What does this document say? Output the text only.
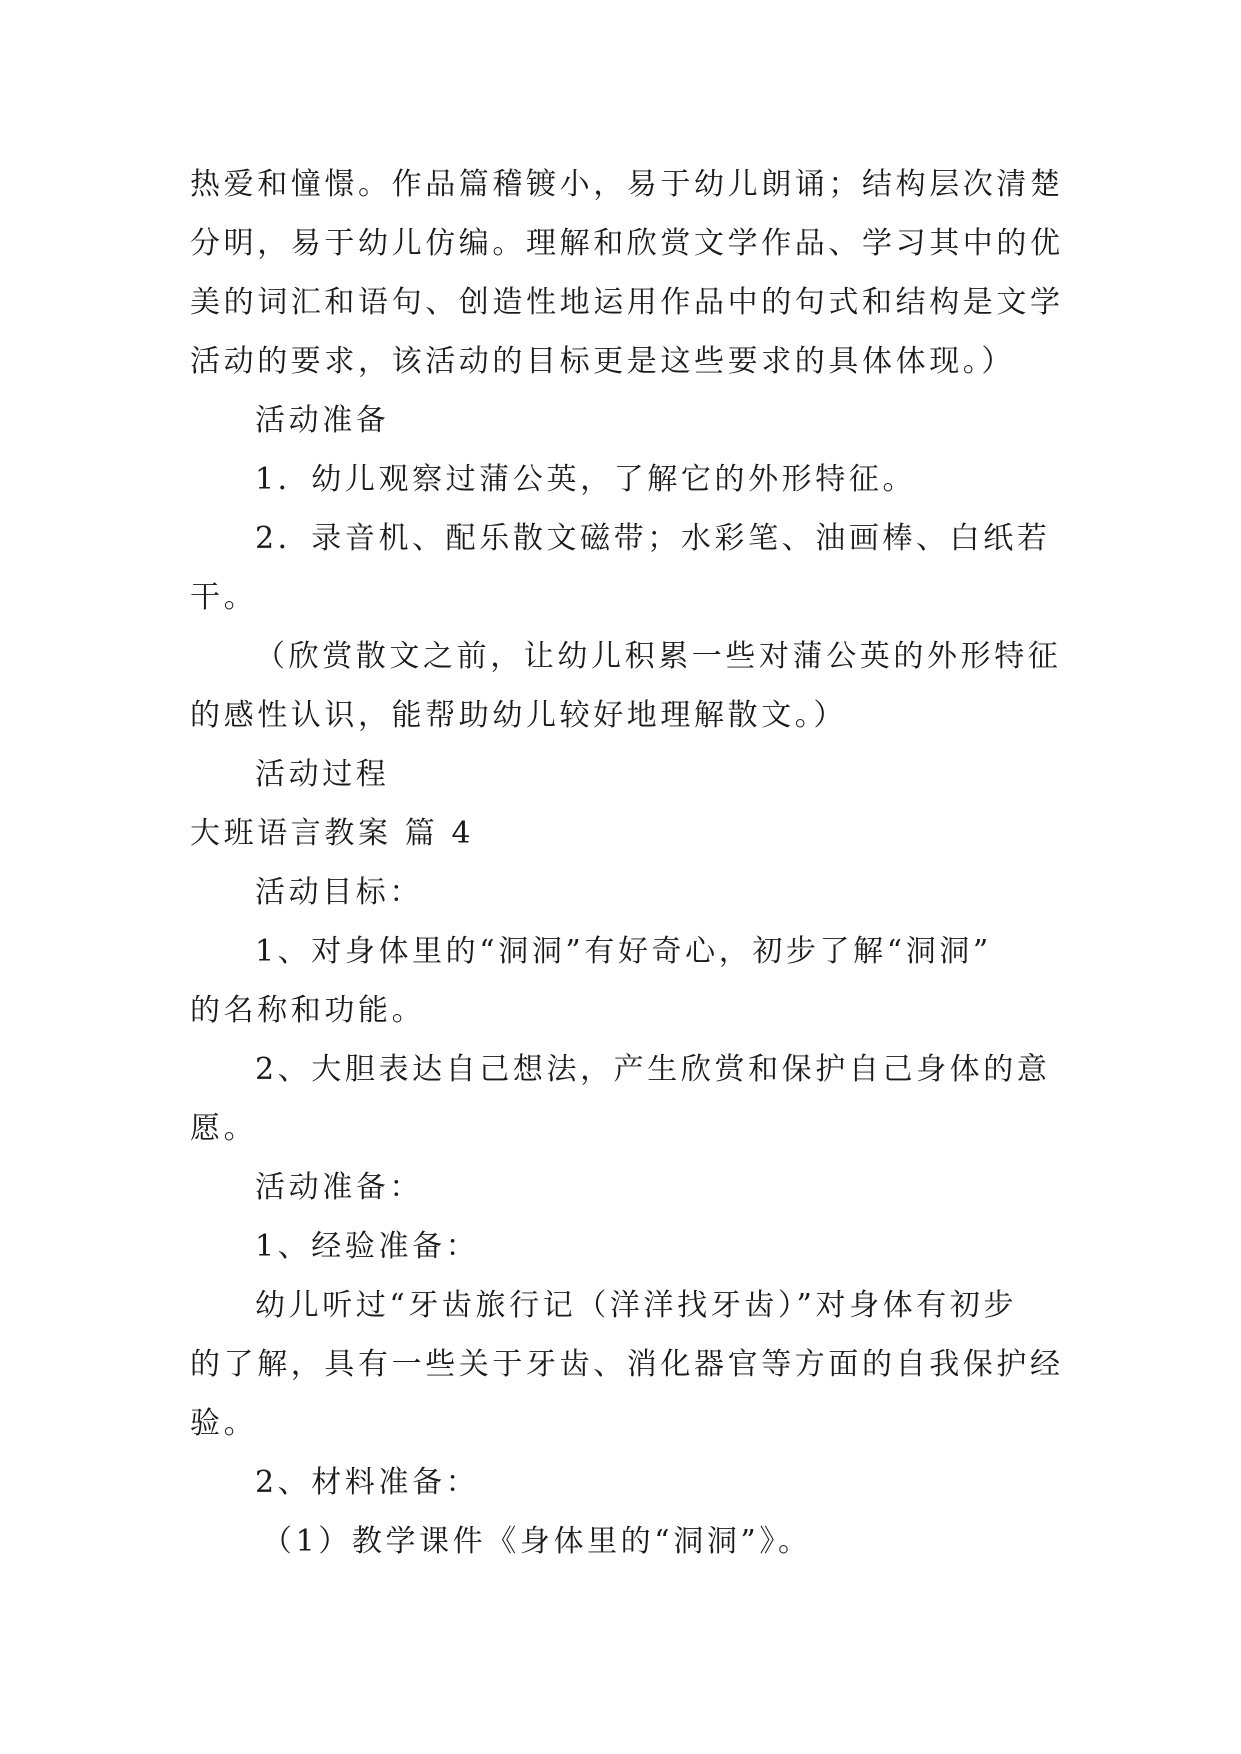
热爱和憧憬。作品篇稽镀小，易于幼儿朗诵；结构层次清楚
分明，易于幼儿仿编。理解和欣赏文学作品、学习其中的优
美的词汇和语句、创造性地运用作品中的句式和结构是文学
活动的要求，该活动的目标更是这些要求的具体体现。）
活动准备
1．幼儿观察过蒲公英，了解它的外形特征。
2．录音机、配乐散文磁带；水彩笔、油画棒、白纸若
干。
（欣赏散文之前，让幼儿积累一些对蒲公英的外形特征
的感性认识，能帮助幼儿较好地理解散文。）
活动过程
大班语言教案 篇 4
活动目标：
1、对身体里的“洞洞”有好奇心，初步了解“洞洞”
的名称和功能。
2、大胆表达自己想法，产生欣赏和保护自己身体的意
愿。
活动准备：
1、经验准备：
幼儿听过“牙齿旅行记（洋洋找牙齿）”对身体有初步
的了解，具有一些关于牙齿、消化器官等方面的自我保护经
验。
2、材料准备：
（1）教学课件《身体里的“洞洞”》。
